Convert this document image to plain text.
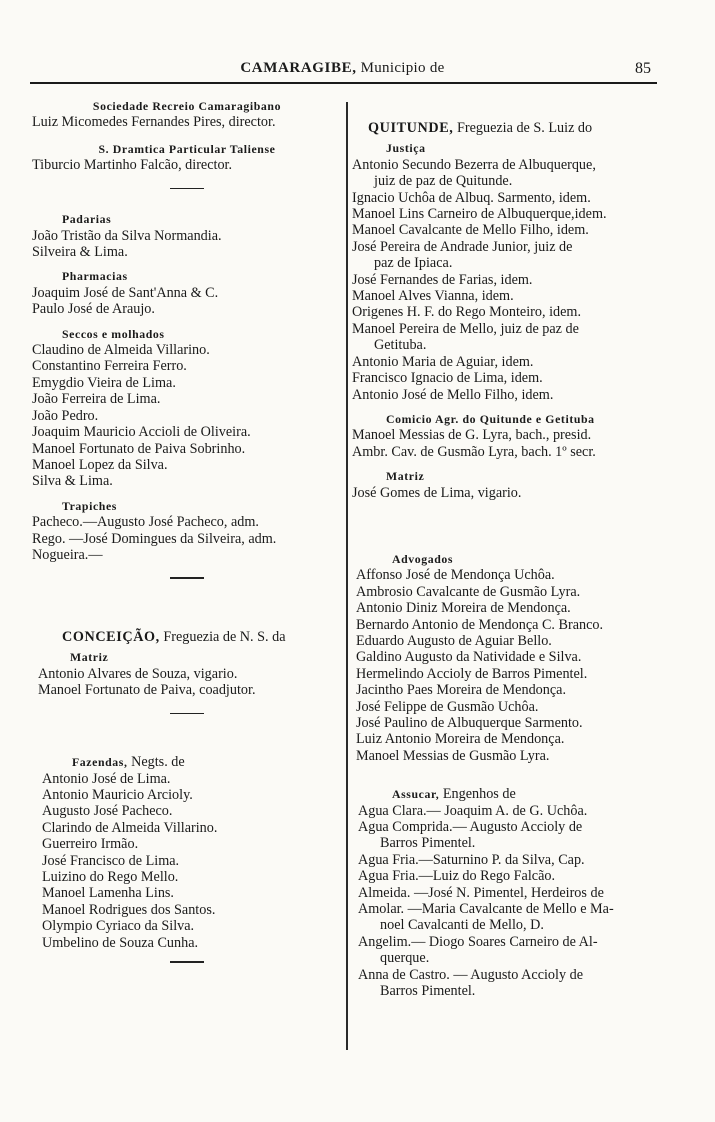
CAMARAGIBE, Municipio de	85
Sociedade Recreio Camaragibano
Luiz Micomedes Fernandes Pires, director.
S. Dramtica Particular Taliense
Tiburcio Martinho Falcão, director.
Padarias
João Tristão da Silva Normandia.
Silveira & Lima.
Pharmacias
Joaquim José de Sant'Anna & C.
Paulo José de Araujo.
Seccos e molhados
Claudino de Almeida Villarino.
Constantino Ferreira Ferro.
Emygdio Vieira de Lima.
João Ferreira de Lima.
João Pedro.
Joaquim Mauricio Accioli de Oliveira.
Manoel Fortunato de Paiva Sobrinho.
Manoel Lopez da Silva.
Silva & Lima.
Trapiches
Pacheco.—Augusto José Pacheco, adm.
Rego. —José Domingues da Silveira, adm.
Nogueira.—
CONCEIÇÃO, Freguezia de N. S. da
Matriz
Antonio Alvares de Souza, vigario.
Manoel Fortunato de Paiva, coadjutor.
Fazendas, Negts. de
Antonio José de Lima.
Antonio Mauricio Arcioly.
Augusto José Pacheco.
Clarindo de Almeida Villarino.
Guerreiro Irmão.
José Francisco de Lima.
Luizino do Rego Mello.
Manoel Lamenha Lins.
Manoel Rodrigues dos Santos.
Olympio Cyriaco da Silva.
Umbelino de Souza Cunha.
QUITUNDE, Freguezia de S. Luiz do
Justiça
Antonio Secundo Bezerra de Albuquerque,
juiz de paz de Quitunde.
Ignacio Uchôa de Albuq. Sarmento, idem.
Manoel Lins Carneiro de Albuquerque,idem.
Manoel Cavalcante de Mello Filho, idem.
José Pereira de Andrade Junior, juiz de
paz de Ipiaca.
José Fernandes de Farias, idem.
Manoel Alves Vianna, idem.
Origenes H. F. do Rego Monteiro, idem.
Manoel Pereira de Mello, juiz de paz de
Getituba.
Antonio Maria de Aguiar, idem.
Francisco Ignacio de Lima, idem.
Antonio José de Mello Filho, idem.
Comicio Agr. do Quitunde e Getituba
Manoel Messias de G. Lyra, bach., presid.
Ambr. Cav. de Gusmão Lyra, bach. 1º secr.
Matriz
José Gomes de Lima, vigario.
Advogados
Affonso José de Mendonça Uchôa.
Ambrosio Cavalcante de Gusmão Lyra.
Antonio Diniz Moreira de Mendonça.
Bernardo Antonio de Mendonça C. Branco.
Eduardo Augusto de Aguiar Bello.
Galdino Augusto da Natividade e Silva.
Hermelindo Accioly de Barros Pimentel.
Jacintho Paes Moreira de Mendonça.
José Felippe de Gusmão Uchôa.
José Paulino de Albuquerque Sarmento.
Luiz Antonio Moreira de Mendonça.
Manoel Messias de Gusmão Lyra.
Assucar, Engenhos de
Agua Clara.— Joaquim A. de G. Uchôa.
Agua Comprida.— Augusto Accioly de
Barros Pimentel.
Agua Fria.—Saturnino P. da Silva, Cap.
Agua Fria.—Luiz do Rego Falcão.
Almeida. —José N. Pimentel, Herdeiros de
Amolar. —Maria Cavalcante de Mello e Ma-
noel Cavalcanti de Mello, D.
Angelim.— Diogo Soares Carneiro de Al-
querque.
Anna de Castro. — Augusto Accioly de
Barros Pimentel.
